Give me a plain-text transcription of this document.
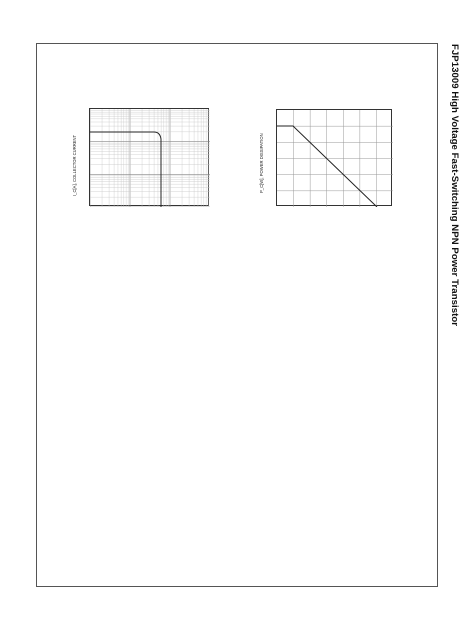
FJP13009 High Voltage Fast-Switching NPN Power Transistor
I_C[A], COLLECTOR CURRENT	P_C[W], POWER DISSIPATION
